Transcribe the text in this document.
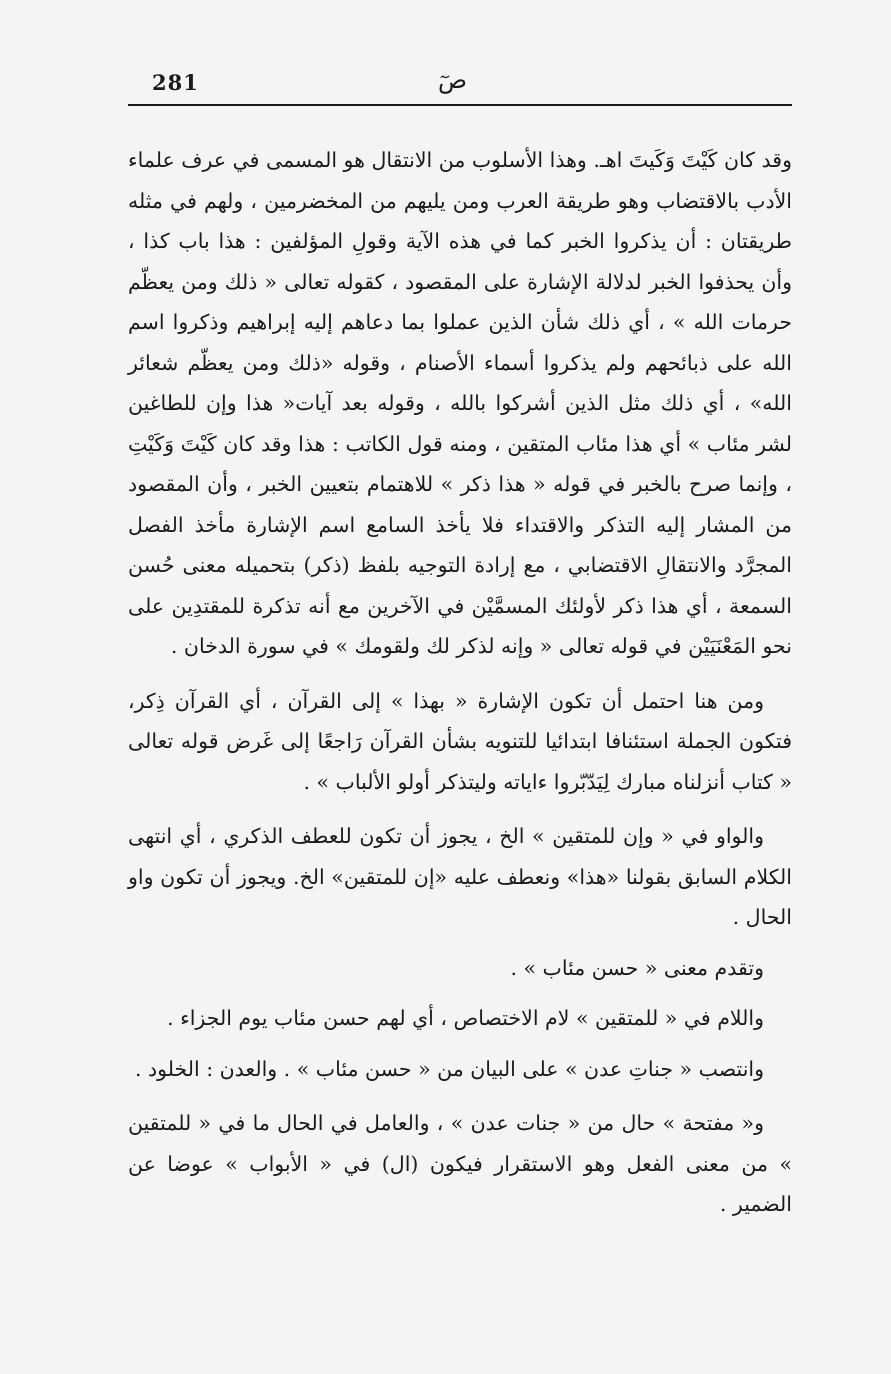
281	صٓ

وقد كان كَيْتَ وَكَيتَ اهـ. وهذا الأسلوب من الانتقال هو المسمى في عرف علماء الأدب بالاقتضاب وهو طريقة العرب ومن يليهم من المخضرمين ، ولهم في مثله طريقتان : أن يذكروا الخبر كما في هذه الآية وقولِ المؤلفين : هذا باب كذا ، وأن يحذفوا الخبر لدلالة الإشارة على المقصود ، كقوله تعالى « ذلك ومن يعظّم حرمات الله » ، أي ذلك شأن الذين عملوا بما دعاهم إليه إبراهيم وذكروا اسم الله على ذبائحهم ولم يذكروا أسماء الأصنام ، وقوله «ذلك ومن يعظّم شعائر الله» ، أي ذلك مثل الذين أشركوا بالله ، وقوله بعد آيات« هذا وإن للطاغين لشر مئاب » أي هذا مئاب المتقين ، ومنه قول الكاتب : هذا وقد كان كَيْتَ وَكَيْتِ ، وإنما صرح بالخبر في قوله « هذا ذكر » للاهتمام بتعيين الخبر ، وأن المقصود من المشار إليه التذكر والاقتداء فلا يأخذ السامع اسم الإشارة مأخذ الفصل المجرَّد والانتقالِ الاقتضابي ، مع إرادة التوجيه بلفظ (ذكر) بتحميله معنى حُسن السمعة ، أي هذا ذكر لأولئك المسمَّيْن في الآخرين مع أنه تذكرة للمقتدِين على نحو المَعْنَيَيْن في قوله تعالى « وإنه لذكر لك ولقومك » في سورة الدخان .

ومن هنا احتمل أن تكون الإشارة « بهذا » إلى القرآن ، أي القرآن ذِكر، فتكون الجملة استئنافا ابتدائيا للتنويه بشأن القرآن رَاجعًا إلى غَرض قوله تعالى « كتاب أنزلناه مبارك لِيَدّبّروا ءاياته وليتذكر أولو الألباب » .

والواو في « وإن للمتقين » الخ ، يجوز أن تكون للعطف الذكري ، أي انتهى الكلام السابق بقولنا «هذا» ونعطف عليه «إن للمتقين» الخ. ويجوز أن تكون واو الحال .

وتقدم معنى « حسن مئاب » .

واللام في « للمتقين » لام الاختصاص ، أي لهم حسن مئاب يوم الجزاء .

وانتصب « جناتِ عدن » على البيان من « حسن مئاب » . والعدن : الخلود .

و« مفتحة » حال من « جنات عدن » ، والعامل في الحال ما في « للمتقين » من معنى الفعل وهو الاستقرار فيكون (ال) في « الأبواب » عوضا عن الضمير .
